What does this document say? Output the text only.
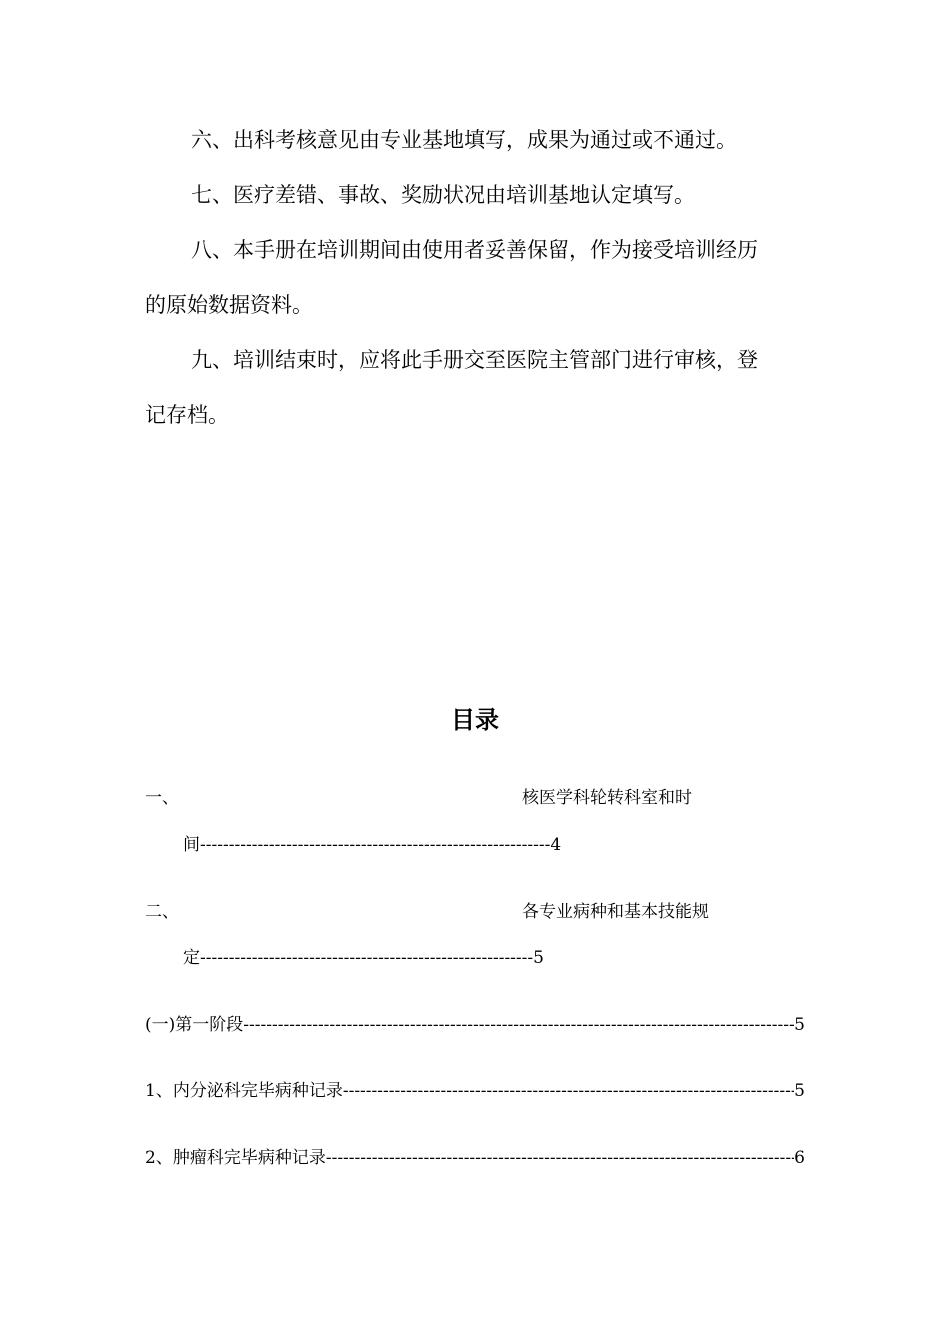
六、出科考核意见由专业基地填写，成果为通过或不通过。

七、医疗差错、事故、奖励状况由培训基地认定填写。

八、本手册在培训期间由使用者妥善保留，作为接受培训经历

的原始数据资料。

九、培训结束时，应将此手册交至医院主管部门进行审核，登

记存档。

目录
一、	核医学科轮转科室和时
间-------------------------------------------------------------4
二、	各专业病种和基本技能规
定----------------------------------------------------------5
(一)第一阶段 -----	5
1、内分泌科完毕病种记录 -----	5
2、肿瘤科完毕病种记录 -----	6
